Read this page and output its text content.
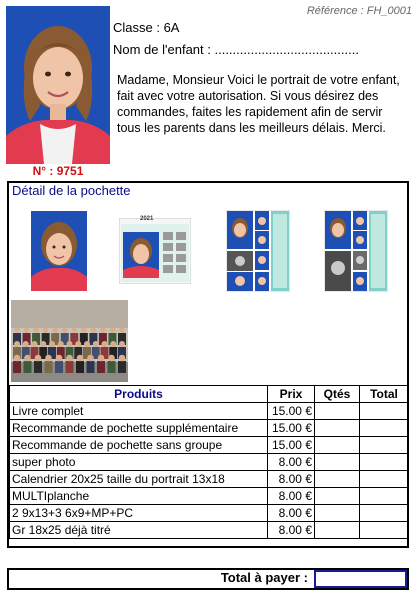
Référence : FH_0001
N° : 9751
Classe : 6A
Nom de l'enfant : ........................................
Madame, Monsieur Voici le portrait de votre enfant, fait avec votre autorisation. Si vous désirez des commandes, faites les rapidement afin de servir tous les parents dans les meilleurs délais. Merci.
Détail de la pochette
2021
Produits	Prix	Qtés	Total
Livre complet	15.00 €		
Recommande de pochette supplémentaire	15.00 €		
Recommande de pochette sans groupe	15.00 €		
super photo	8.00 €		
Calendrier 20x25 taille du portrait 13x18	8.00 €		
MULTIplanche	8.00 €		
2 9x13+3 6x9+MP+PC	8.00 €		
Gr 18x25 déjà titré	8.00 €		
Total à payer :
